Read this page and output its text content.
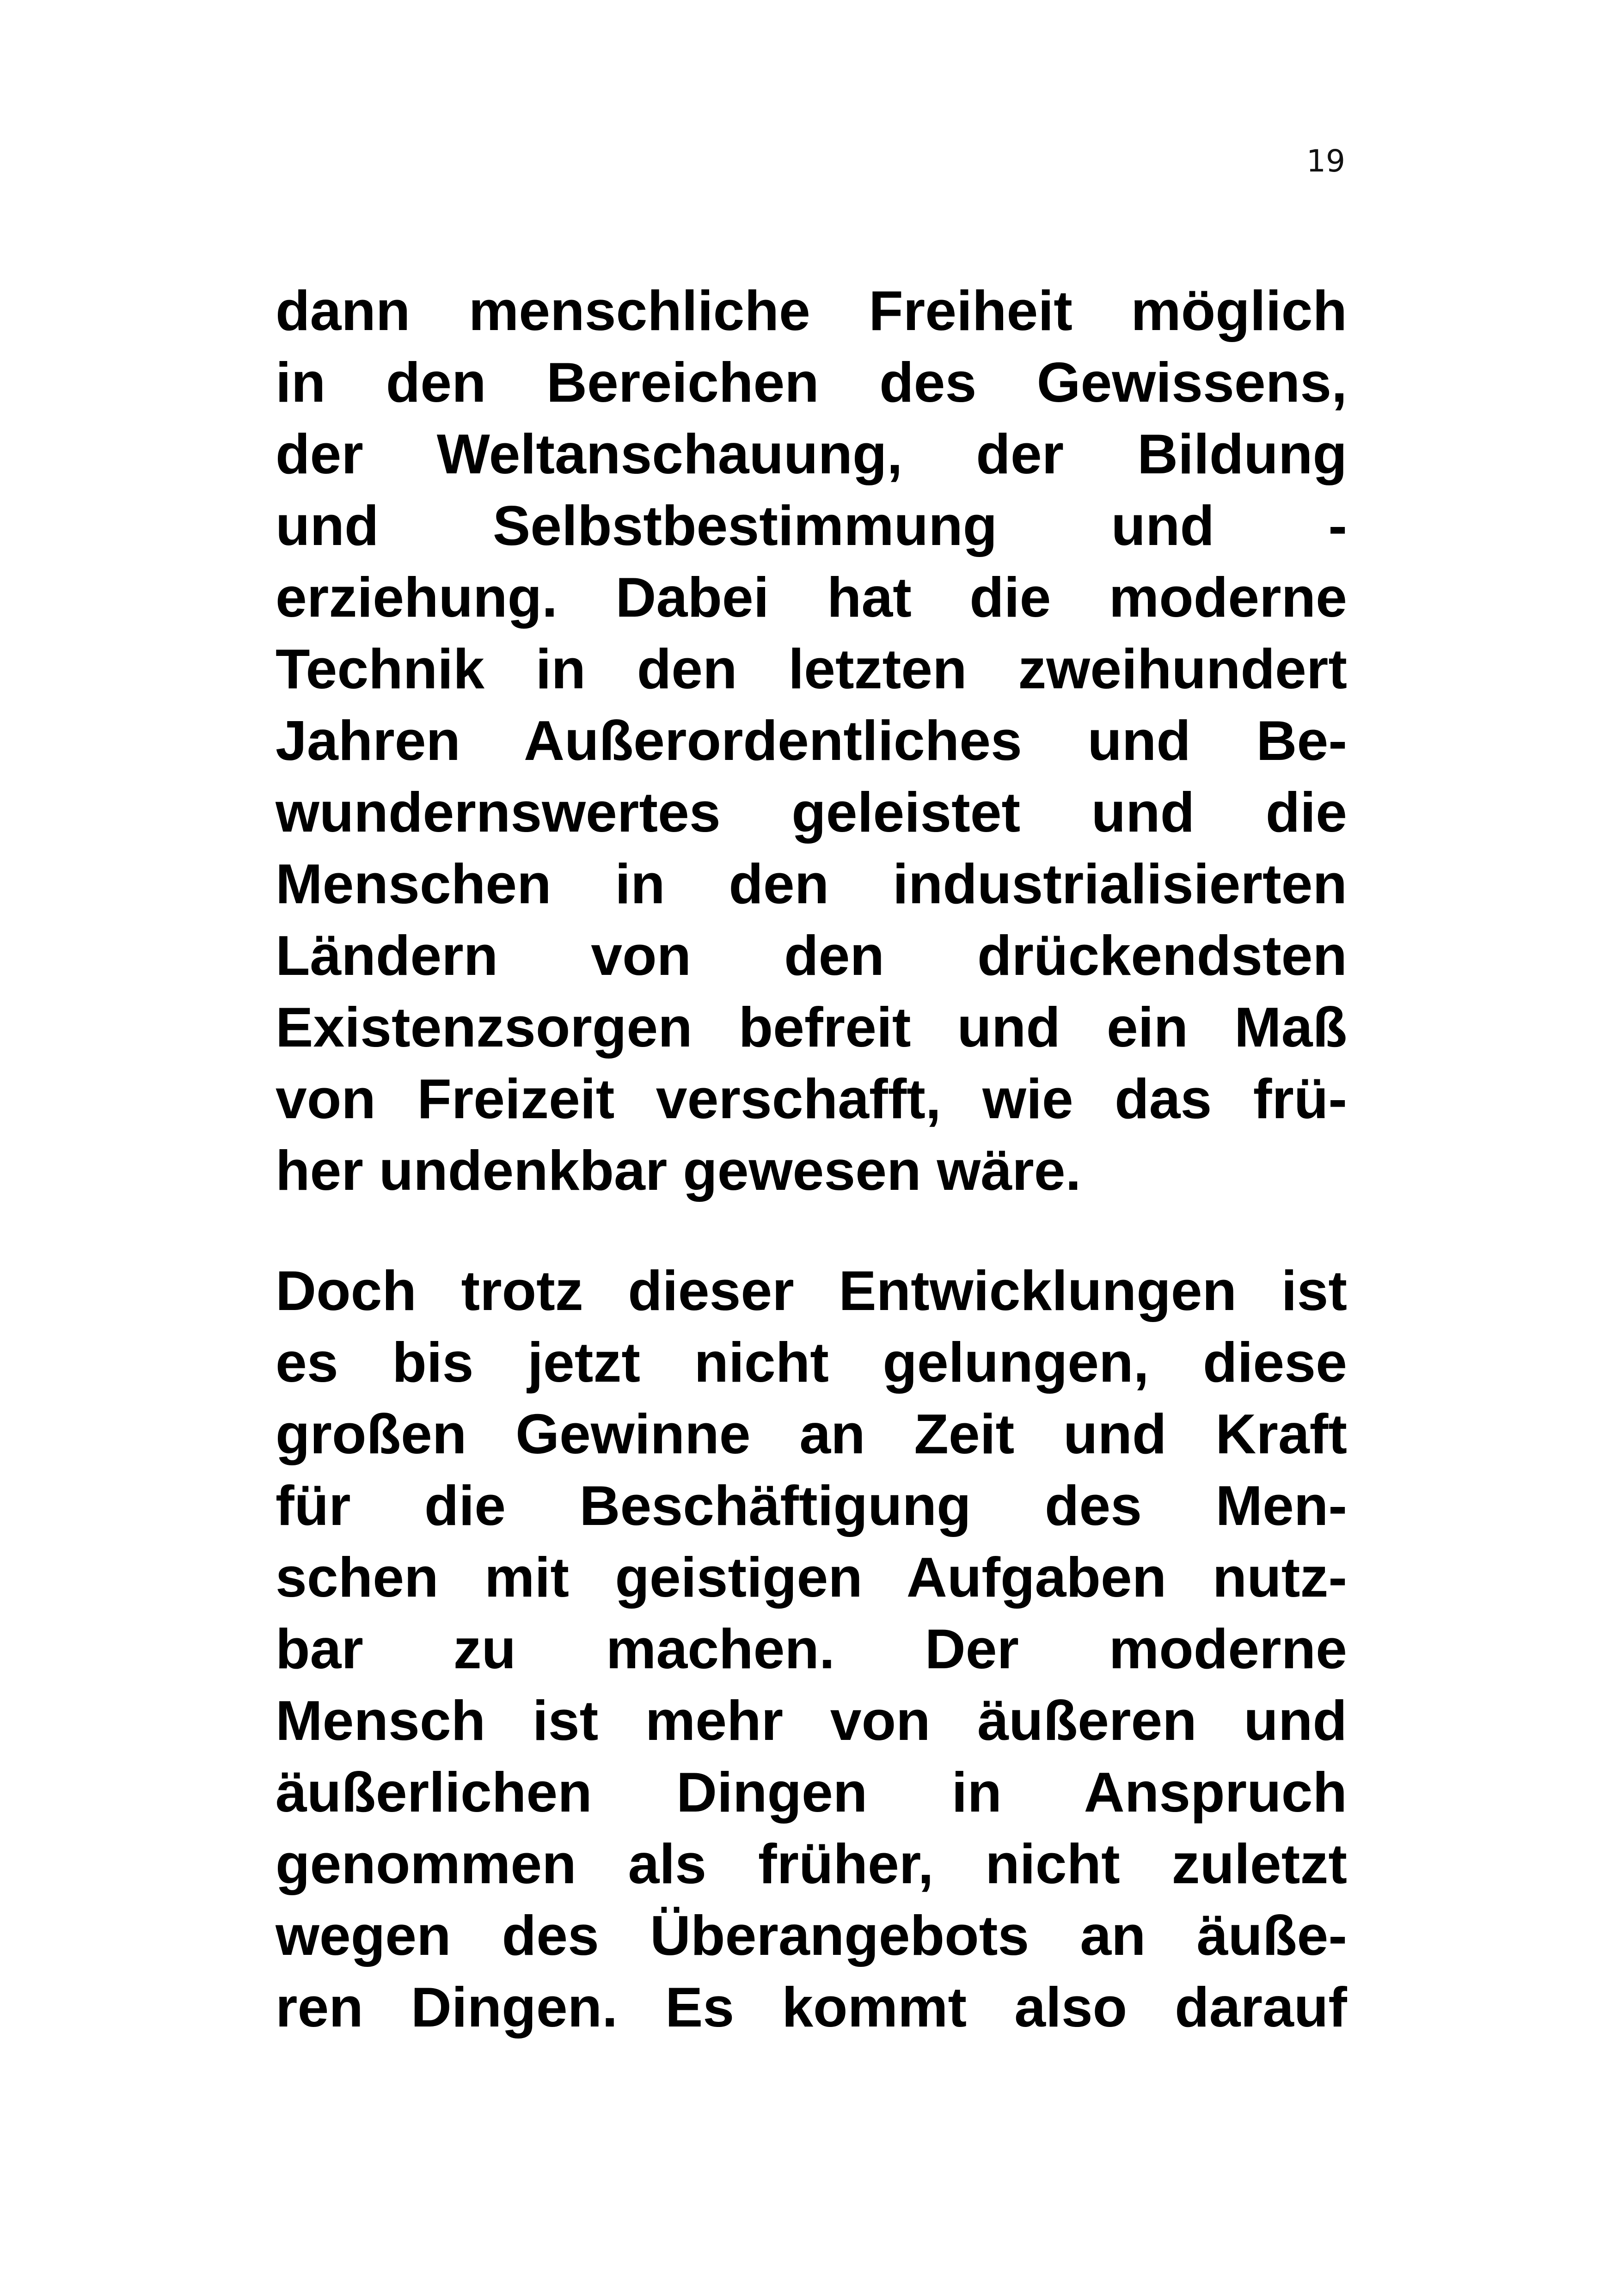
19
dann menschliche Freiheit möglich
in den Bereichen des Gewissens,
der Weltanschauung, der Bildung
und Selbstbestimmung und -
erziehung. Dabei hat die moderne
Technik in den letzten zweihundert
Jahren Außerordentliches und Be-
wundernswertes geleistet und die
Menschen in den industrialisierten
Ländern von den drückendsten
Existenzsorgen befreit und ein Maß
von Freizeit verschafft, wie das frü-
her undenkbar gewesen wäre.
Doch trotz dieser Entwicklungen ist
es bis jetzt nicht gelungen, diese
großen Gewinne an Zeit und Kraft
für die Beschäftigung des Men-
schen mit geistigen Aufgaben nutz-
bar zu machen. Der moderne
Mensch ist mehr von äußeren und
äußerlichen Dingen in Anspruch
genommen als früher, nicht zuletzt
wegen des Überangebots an äuße-
ren Dingen. Es kommt also darauf
